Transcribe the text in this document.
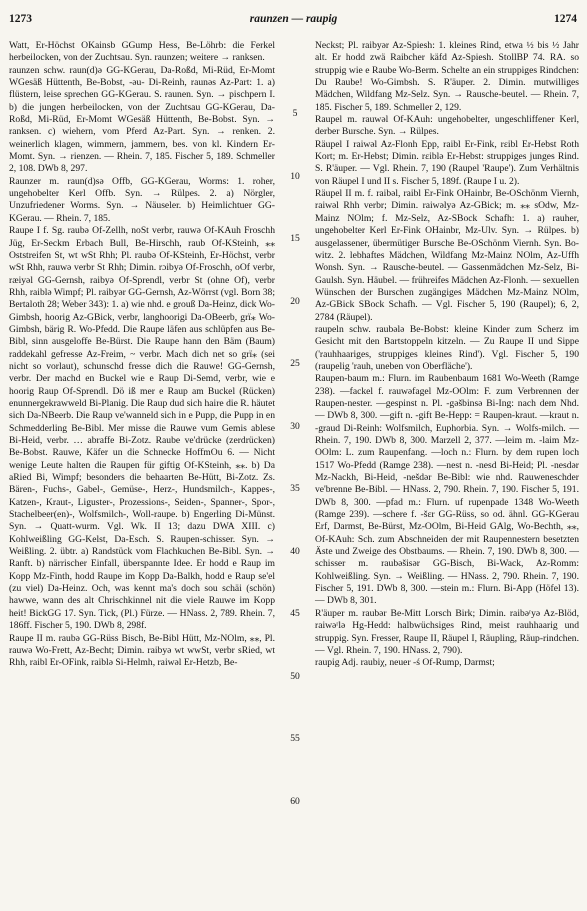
1273	raunzen — raupig	1274

Watt, Er-Höchst OKainsb GGump Hess, Be-Löhrb: die Ferkel herbeilocken, von der Zuchtsau. Syn. raunzen; weitere → ranksen.

raunzen schw. raun(d)ǝ GG-KGerau, Da-Roßd, Mi-Rüd, Er-Momt WGesäß Hüttenth, Be-Bobst, -ǝu- Di-Reinh, raunǝs Az-Part: 1. a) flüstern, leise sprechen GG-KGerau. S. raunen. Syn. → pischpern I. b) die jungen herbeilocken, von der Zuchtsau GG-KGerau, Da-Roßd, Mi-Rüd, Er-Momt WGesäß Hüttenth, Be-Bobst. Syn. → ranksen. c) wiehern, vom Pferd Az-Part. Syn. → renken. 2. weinerlich klagen, wimmern, jammern, bes. von kl. Kindern Er-Momt. Syn. → rienzen. — Rhein. 7, 185. Fischer 5, 189. Schmeller 2, 108. DWb 8, 297.

Raunzer m. raun(d)sǝ Offb, GG-KGerau, Worms: 1. roher, ungehobelter Kerl Offb. Syn. → Rülpes. 2. a) Nörgler, Unzufriedener Worms. Syn. → Näuseler. b) Heimlichtuer GG-KGerau. — Rhein. 7, 185.

Raupe I f. Sg. raubǝ Of-Zellh, noSt verbr, rauwǝ Of-KAuh Froschh Jüg, Er-Seckm Erbach Bull, Be-Hirschh, raub Of-KSteinh, ⁎⁎ Oststreifen St, wt wSt Rhh; Pl. raubǝ Of-KSteinh, Er-Höchst, verbr wSt Rhh, rauwǝ verbr St Rhh; Dimin. rɔibyǝ Of-Froschh, oOf verbr, ræiyǝl GG-Gernsh, raibyǝ Of-Sprendl, verbr St (ohne Of), verbr Rhh, raiblǝ Wimpf; Pl. raibyǝr GG-Gernsh, Az-Wörrst (vgl. Born 38; Bertaloth 28; Weber 343): 1. a) wie nhd. e grouß Da-Heinz, dick Wo-Gimbsh, hoorig Az-GBick, verbr, langhoorigi Da-OBeerb, grï⁎ Wo-Gimbsh, bärig R. Wo-Pfedd. Die Raupe läfen aus schlüpfen aus Be-Bibl, sinn ausgeloffe Be-Bürst. Die Raupe hann den Bäm (Baum) raddekahl gefresse Az-Freim, ~ verbr. Mach dich net so grï⁎ (sei nicht so vorlaut), schunschd fresse dich die Rauwe! GG-Gernsh, verbr. Der machd en Buckel wie e Raup Di-Semd, verbr, wie e hoorig Raup Of-Sprendl. Dö iß mer e Raup am Buckel (Rücken) enunnergekrawweld Bi-Planig. Die Raup dud sich haire die R. häutet sich Da-NBeerb. Die Raup ve'wanneld sich in e Pupp, die Pupp in en Schmedderling Be-Bibl. Mer misse die Rauwe vum Gemis ablese Bi-Heid, verbr. … abraffe Bi-Zotz. Raube ve'drücke (zerdrücken) Be-Bobst. Rauwe, Käfer un die Schnecke HoffmOu 6. — Nicht wenige Leute halten die Raupen für giftig Of-KSteinh, ⁎⁎. b) Da aRied Bi, Wimpf; besonders die behaarten Be-Hütt, Bi-Zotz. Zs. Bären-, Fuchs-, Gabel-, Gemüse-, Herz-, Hundsmilch-, Kappes-, Katzen-, Kraut-, Liguster-, Prozessions-, Seiden-, Spanner-, Spor-, Stachelbeer(en)-, Wolfsmilch-, Woll-raupe. b) Engerling Di-Münst. Syn. → Quatt-wurm. Vgl. Wk. II 13; dazu DWA XIII. c) Kohlweißling GG-Kelst, Da-Esch. S. Raupen-schisser. Syn. → Weißling. 2. übtr. a) Randstück vom Flachkuchen Be-Bibl. Syn. → Ranft. b) närrischer Einfall, überspannte Idee. Er hodd e Raup im Kopp Mz-Finth, hodd Raupe im Kopp Da-Balkh, hodd e Raup se'el (zu viel) Da-Heinz. Och, was kennt ma's doch sou schäi (schön) hawwe, wann des alt Chrischkinnel nit die viele Rauwe im Kopp heit! BickGG 17. Syn. Tick, (Pl.) Fürze. — HNass. 2, 789. Rhein. 7, 186ff. Fischer 5, 190. DWb 8, 298f.

Raupe II m. raubǝ GG-Rüss Bisch, Be-Bibl Hütt, Mz-NOlm, ⁎⁎, Pl. rauwǝ Wo-Frett, Az-Becht; Dimin. raibyǝ wt wwSt, verbr sRied, wt Rhh, raibl Er-OFink, raiblǝ Si-Helmh, raiwǝl Er-Hetzb, Be-

5
10
15
20
25
30
35
40
45
50
55
60

Neckst; Pl. raibyǝr Az-Spiesh: 1. kleines Rind, etwa ½ bis ½ Jahr alt. Er hodd zwä Raibcher käfd Az-Spiesh. StollBP 74. RA. so struppig wie e Raube Wo-Berm. Schelte an ein struppiges Rindchen: Du Raube! Wo-Gimbsh. S. R'äuper. 2. Dimin. mutwilliges Mädchen, Wildfang Mz-Selz. Syn. → Rausche-beutel. — Rhein. 7, 185. Fischer 5, 189. Schmeller 2, 129.

Raupel m. rauwǝl Of-KAuh: ungehobelter, ungeschliffener Kerl, derber Bursche. Syn. → Rülpes.

Räupel I raiwǝl Az-Flonh Epp, raibl Er-Fink, rɛibl Er-Hebst Roth Kort; m. Er-Hebst; Dimin. rɛiblǝ Er-Hebst: struppiges junges Rind. S. R'äuper. — Vgl. Rhein. 7, 190 (Raupel 'Raupe'). Zum Verhältnis von Räupel I und II s. Fischer 5, 189f. (Raupe I u. 2).

Räupel II m. f. raibǝl, raibl Er-Fink OHainbr, Be-OSchönm Viernh, raiwǝl Rhh verbr; Dimin. raiwǝlyǝ Az-GBick; m. ⁎⁎ sOdw, Mz-Mainz NOlm; f. Mz-Selz, Az-SBock Schafh: 1. a) rauher, ungehobelter Kerl Er-Fink OHainbr, Mz-Ulv. Syn. → Rülpes. b) ausgelassener, übermütiger Bursche Be-OSchönm Viernh. Syn. Bo-witz. 2. lebhaftes Mädchen, Wildfang Mz-Mainz NOlm, Az-Uffh Wonsh. Syn. → Rausche-beutel. — Gassenmädchen Mz-Selz, Bi-Gaulsh. Syn. Häubel. — frühreifes Mädchen Az-Flonh. — sexuellen Wünschen der Burschen zugängiges Mädchen Mz-Mainz NOlm, Az-GBick SBock Schafh. — Vgl. Fischer 5, 190 (Raupel); 6, 2, 2784 (Räupel).

raupeln schw. raubǝlǝ Be-Bobst: kleine Kinder zum Scherz im Gesicht mit den Bartstoppeln kitzeln. — Zu Raupe II und Sippe ('rauhhaariges, struppiges kleines Rind'). Vgl. Fischer 5, 190 (raupelig 'rauh, uneben von Oberfläche').

Raupen-baum m.: Flurn. im Raubenbaum 1681 Wo-Weeth (Ramge 238). —fackel f. rauwǝfagel Mz-OOlm: F. zum Verbrennen der Raupen-nester. —gespinst n. Pl. -gǝšbinsǝ Bi-Ing: nach dem Nhd. — DWb 8, 300. —gift n. -gift Be-Hepp: = Raupen-kraut. —kraut n. -graud Di-Reinh: Wolfsmilch, Euphorbia. Syn. → Wolfs-milch. — Rhein. 7, 190. DWb 8, 300. Marzell 2, 377. —leim m. -laim Mz-OOlm: L. zum Raupenfang. —loch n.: Flurn. by dem rupen loch 1517 Wo-Pfedd (Ramge 238). —nest n. -nesd Bi-Heid; Pl. -nesdǝr Mz-Nackh, Bi-Heid, -nešdǝr Be-Bibl: wie nhd. Rauweneschder ve'brenne Be-Bibl. — HNass. 2, 790. Rhein. 7, 190. Fischer 5, 191. DWb 8, 300. —pfad m.: Flurn. uf rupenpade 1348 Wo-Weeth (Ramge 239). —schere f. -šɛr GG-Rüss, so od. ähnl. GG-KGerau Erf, Darmst, Be-Bürst, Mz-OOlm, Bi-Heid GAlg, Wo-Bechth, ⁎⁎, Of-KAuh: Sch. zum Abschneiden der mit Raupennestern besetzten Äste und Zweige des Obstbaums. — Rhein. 7, 190. DWb 8, 300. —schisser m. raubǝšisǝr GG-Bisch, Bi-Wack, Az-Romm: Kohlweißling. Syn. → Weißling. — HNass. 2, 790. Rhein. 7, 190. Fischer 5, 191. DWb 8, 300. —stein m.: Flurn. Bi-App (Höfel 13). — DWb 8, 301.

R'äuper m. raubǝr Be-Mitt Lorsch Birk; Dimin. raibǝʳyǝ Az-Blöd, raiwǝʳlǝ Hg-Hedd: halbwüchsiges Rind, meist rauhhaarig und struppig. Syn. Fresser, Raupe II, Räupel I, Räupling, Räup-rindchen. — Vgl. Rhein. 7, 190. HNass. 2, 790).

raupig Adj. raubiχ, neuer -ś Of-Rump, Darmst;
